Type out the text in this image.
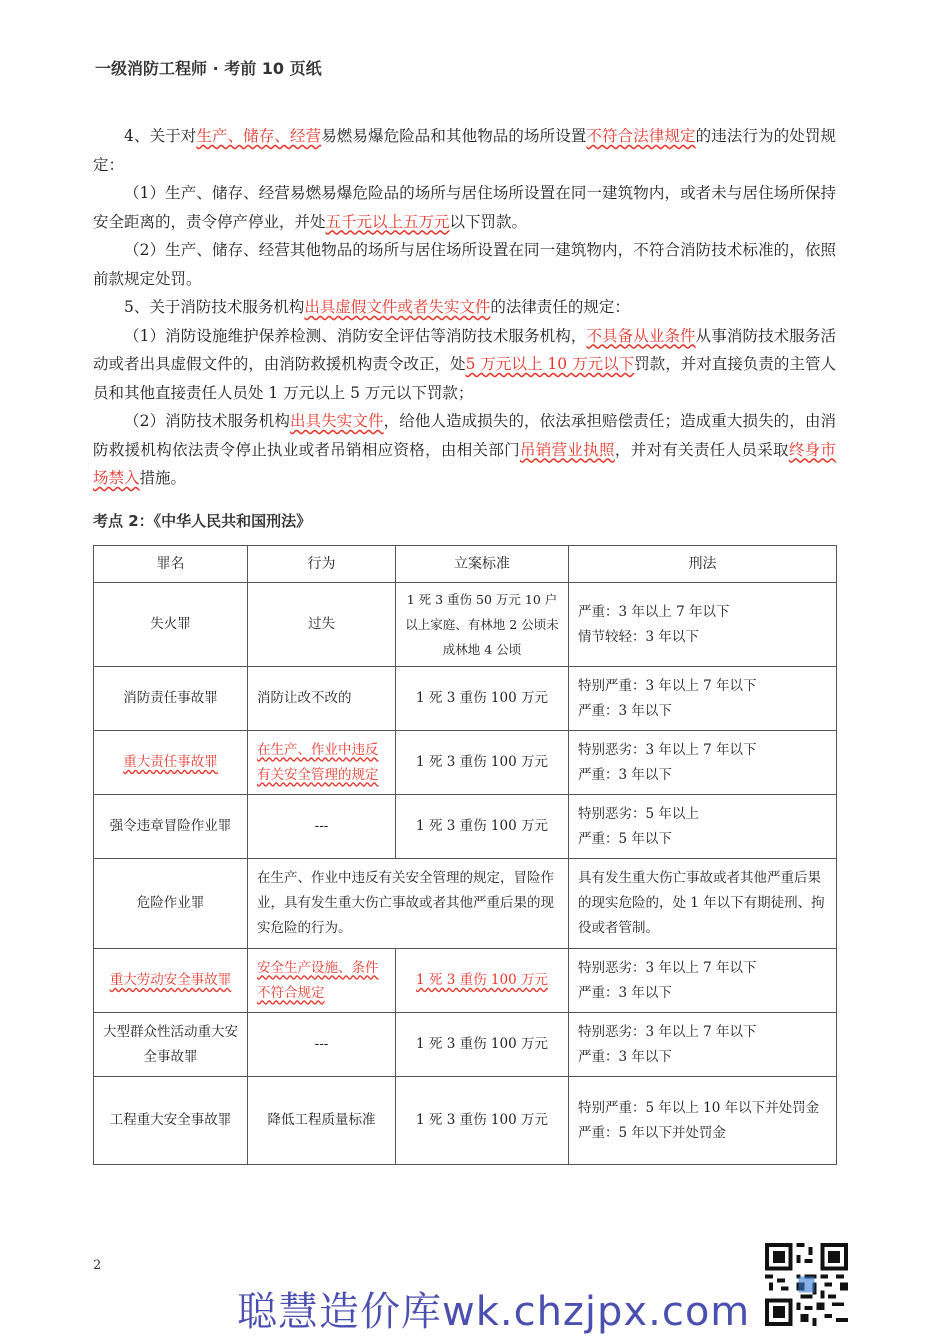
一级消防工程师 · 考前 10 页纸

4、关于对生产、储存、经营易燃易爆危险品和其他物品的场所设置不符合法律规定的违法行为的处罚规定：

（1）生产、储存、经营易燃易爆危险品的场所与居住场所设置在同一建筑物内，或者未与居住场所保持安全距离的，责令停产停业，并处五千元以上五万元以下罚款。

（2）生产、储存、经营其他物品的场所与居住场所设置在同一建筑物内，不符合消防技术标准的，依照前款规定处罚。

5、关于消防技术服务机构出具虚假文件或者失实文件的法律责任的规定：

（1）消防设施维护保养检测、消防安全评估等消防技术服务机构，不具备从业条件从事消防技术服务活动或者出具虚假文件的，由消防救援机构责令改正，处5 万元以上 10 万元以下罚款，并对直接负责的主管人员和其他直接责任人员处 1 万元以上 5 万元以下罚款；

（2）消防技术服务机构出具失实文件，给他人造成损失的，依法承担赔偿责任；造成重大损失的，由消防救援机构依法责令停止执业或者吊销相应资格，由相关部门吊销营业执照，并对有关责任人员采取终身市场禁入措施。

考点 2：《中华人民共和国刑法》
罪名	行为	立案标准	刑法
失火罪	过失	1 死 3 重伤 50 万元 10 户以上家庭、有林地 2 公顷未成林地 4 公顷	严重：3 年以上 7 年以下
情节较轻：3 年以下

消防责任事故罪	消防让改不改的	1 死 3 重伤 100 万元	特别严重：3 年以上 7 年以下
严重：3 年以下

重大责任事故罪	在生产、作业中违反有关安全管理的规定	1 死 3 重伤 100 万元	特别恶劣：3 年以上 7 年以下
严重：3 年以下

强令违章冒险作业罪	---	1 死 3 重伤 100 万元	特别恶劣：5 年以上
严重：5 年以下

危险作业罪	在生产、作业中违反有关安全管理的规定，冒险作业，具有发生重大伤亡事故或者其他严重后果的现实危险的行为。		具有发生重大伤亡事故或者其他严重后果的现实危险的，处 1 年以下有期徒刑、拘役或者管制。
重大劳动安全事故罪	安全生产设施、条件不符合规定	1 死 3 重伤 100 万元	特别恶劣：3 年以上 7 年以下
严重：3 年以下

大型群众性活动重大安全事故罪	---	1 死 3 重伤 100 万元	特别恶劣：3 年以上 7 年以下
严重：3 年以下

工程重大安全事故罪	降低工程质量标准	1 死 3 重伤 100 万元	特别严重：5 年以上 10 年以下并处罚金
严重：5 年以下并处罚金
2
聪慧造价库wk.chzjpx.com
